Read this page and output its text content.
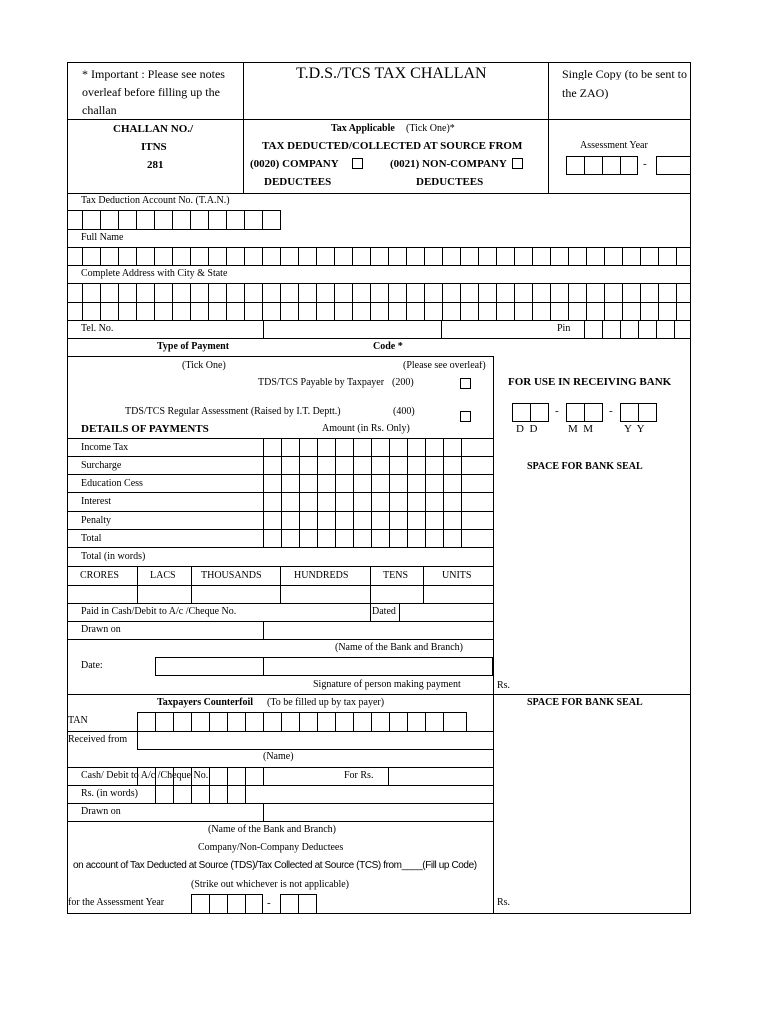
* Important : Please see notes
overleaf before filling up the
challan
T.D.S./TCS TAX CHALLAN	Single Copy (to be sent to
the ZAO)
CHALLAN NO./
ITNS
281
Tax Applicable (Tick One)*
TAX DEDUCTED/COLLECTED AT SOURCE FROM
(0020) COMPANY	(0021) NON-COMPANY
DEDUCTEES	DEDUCTEES
Assessment Year
-
Tax Deduction Account No. (T.A.N.)
Full Name
Complete Address with City & State
Tel. No.	Pin
Type of Payment	Code *
(Tick One)	(Please see overleaf)
TDS/TCS Payable by Taxpayer (200)
TDS/TCS Regular Assessment (Raised by I.T. Deptt.)	(400)
FOR USE IN RECEIVING BANK
-	-
D  D	M  M	Y  Y
SPACE FOR BANK SEAL
Rs.
DETAILS OF PAYMENTS	Amount (in Rs. Only)
Income Tax
Surcharge
Education Cess
Interest
Penalty
Total
Total (in words)
CRORES	LACS	THOUSANDS	HUNDREDS	TENS	UNITS
Paid in Cash/Debit to A/c /Cheque No.	Dated
Drawn on
(Name of the Bank and Branch)
Date:
Signature of person making payment
Taxpayers Counterfoil (To be filled up by tax payer)
TAN
Received from
(Name)
Cash/ Debit to A/c /Cheque No.	For Rs.
Rs. (in words)
Drawn on
(Name of the Bank and Branch)
Company/Non-Company Deductees
on account of Tax Deducted at Source (TDS)/Tax Collected at Source (TCS) from____(Fill up Code)
(Strike out whichever is not applicable)
for the Assessment Year	-
SPACE FOR BANK SEAL
Rs.
